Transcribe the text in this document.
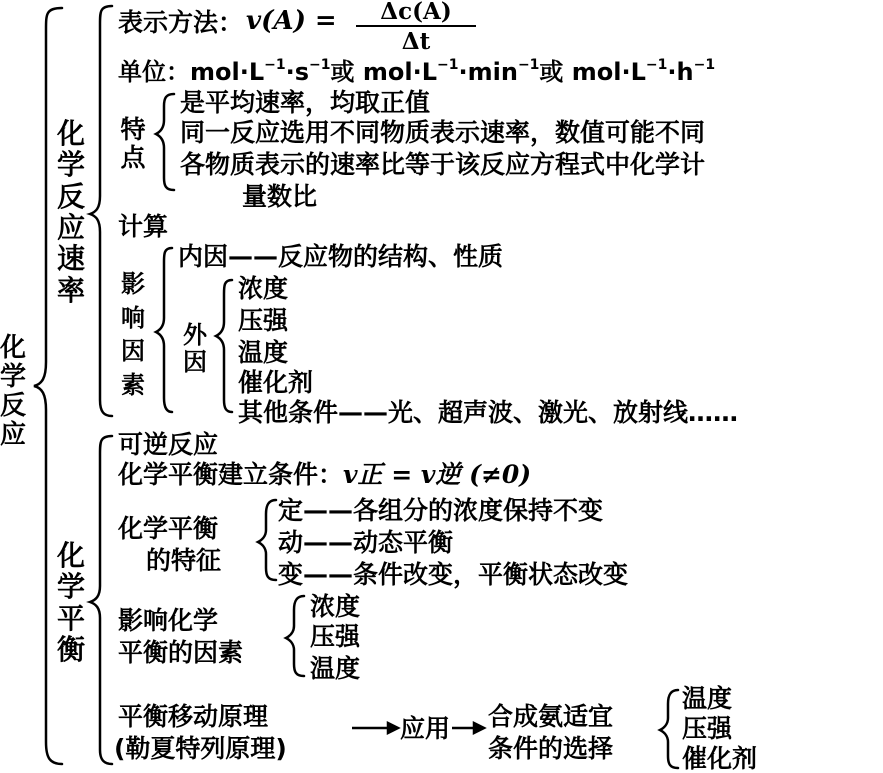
化学反应
化学反应速率
表示方法： v(A) =	Δc(A)
Δt
单位：$mol\cdot L^{-1}\cdot s^{-1}$或 $mol\cdot L^{-1}\cdot\min^{-1}$或 $mol\cdot L^{-1}\cdot h^{-1}$
特点
是平均速率，均取正值
同一反应选用不同物质表示速率，数值可能不同
各物质表示的速率比等于该反应方程式中化学计
量数比
计算
影响因素
内因——反应物的结构、性质
外因
浓度
压强
温度
催化剂
其他条件——光、超声波、激光、放射线……
化学平衡
可逆反应
化学平衡建立条件：v正 = v逆 (≠0)
化学平衡
的特征
定——各组分的浓度保持不变
动——动态平衡
变——条件改变，平衡状态改变
影响化学
平衡的因素
浓度
压强
温度
平衡移动原理
(勒夏特列原理)
应用 合成氨适宜
条件的选择
温度
压强
催化剂
